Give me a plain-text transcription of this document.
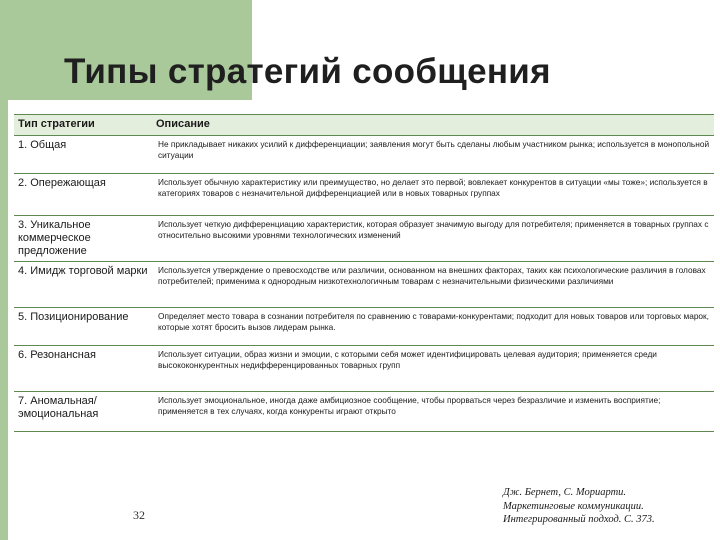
Типы стратегий сообщения
Тип стратегии	Описание
1. Общая	Не прикладывает никаких усилий к дифференциации; заявления могут быть сделаны любым участником рынка; используется в монопольной ситуации
2. Опережающая	Использует обычную характеристику или преимущество, но делает это первой; вовлекает конкурентов в ситуации «мы тоже»; используется в категориях товаров с незначительной дифференциацией или в новых товарных группах
3. Уникальное коммерческое предложение	Использует четкую дифференциацию характеристик, которая образует значимую выгоду для потребителя; применяется в товарных группах с относительно высокими уровнями технологических изменений
4. Имидж торговой марки	Используется утверждение о превосходстве или различии, основанном на внешних факторах, таких как психологические различия в головах потребителей; применима к однородным низкотехнологичным товарам с незначительными физическими различиями
5. Позиционирование	Определяет место товара в сознании потребителя по сравнению с товарами-конкурентами; подходит для новых товаров или торговых марок, которые хотят бросить вызов лидерам рынка.
6. Резонансная	Использует ситуации, образ жизни и эмоции, с которыми себя может идентифицировать целевая аудитория; применяется среди высококонкурентных недифференцированных товарных групп
7. Аномальная/ эмоциональная	Использует эмоциональное, иногда даже амбициозное сообщение, чтобы прорваться через безразличие и изменить восприятие; применяется в тех случаях, когда конкуренты играют открыто
32
Дж. Бернет, С. Мориарти.
Маркетинговые коммуникации.
Интегрированный подход. С. 373.
